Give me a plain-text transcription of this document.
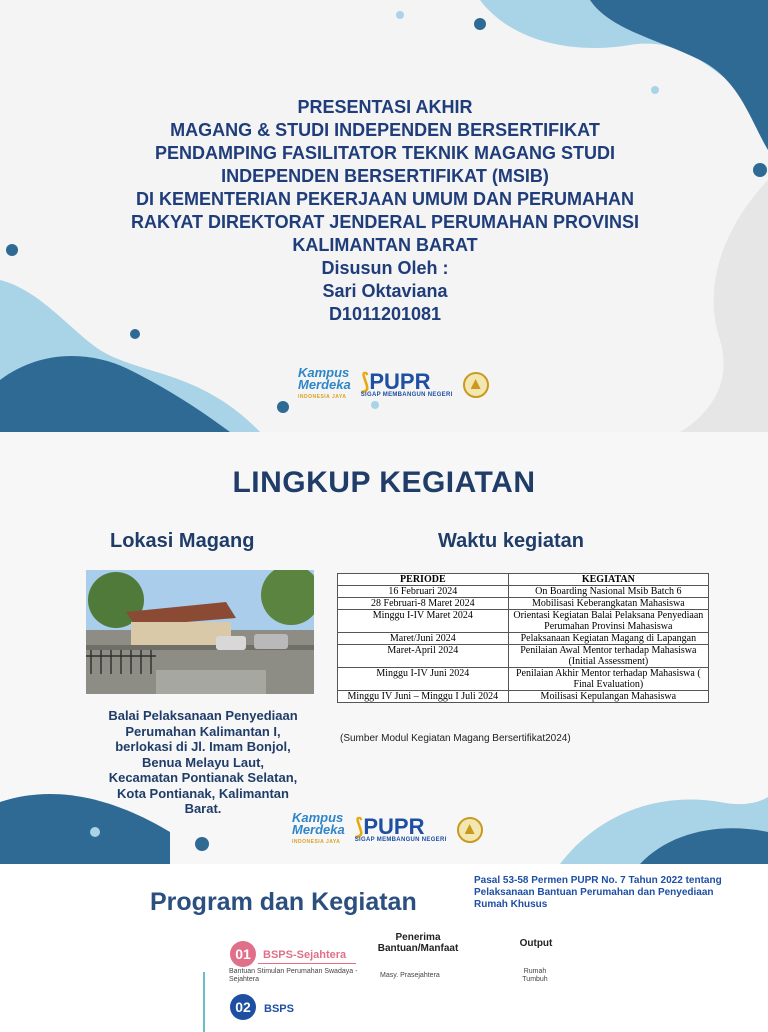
PRESENTASI AKHIR
MAGANG & STUDI INDEPENDEN BERSERTIFIKAT
PENDAMPING FASILITATOR TEKNIK MAGANG STUDI
INDEPENDEN BERSERTIFIKAT (MSIB)
DI KEMENTERIAN PEKERJAAN UMUM DAN PERUMAHAN
RAKYAT DIREKTORAT JENDERAL PERUMAHAN PROVINSI
KALIMANTAN BARAT
Disusun Oleh :
Sari Oktaviana
D1011201081
Kampus
Merdeka
INDONESIA JAYA
⟆PUPR
SIGAP MEMBANGUN NEGERI
LINGKUP KEGIATAN
Lokasi Magang	Waktu kegiatan
Balai Pelaksanaan Penyediaan Perumahan Kalimantan I, berlokasi di Jl. Imam Bonjol, Benua Melayu Laut, Kecamatan Pontianak Selatan, Kota Pontianak, Kalimantan Barat.
PERIODE	KEGIATAN
16 Februari 2024	On Boarding Nasional Msib Batch 6
28 Februari-8 Maret 2024	Mobilisasi Keberangkatan Mahasiswa
Minggu I-IV Maret 2024	Orientasi Kegiatan Balai Pelaksana Penyediaan Perumahan Provinsi Mahasiswa
Maret/Juni 2024	Pelaksanaan Kegiatan Magang di Lapangan
Maret-April 2024	Penilaian Awal Mentor terhadap Mahasiswa (Initial Assessment)
Minggu I-IV Juni 2024	Penilaian Akhir Mentor terhadap Mahasiswa ( Final Evaluation)
Minggu IV Juni – Minggu I Juli 2024	Moilisasi Kepulangan Mahasiswa
(Sumber Modul Kegiatan Magang Bersertifikat2024)
Kampus
Merdeka
INDONESIA JAYA
⟆PUPR
SIGAP MEMBANGUN NEGERI
Program dan Kegiatan
Pasal 53-58 Permen PUPR No. 7 Tahun 2022 tentang Pelaksanaan Bantuan Perumahan dan Penyediaan Rumah Khusus
Penerima Bantuan/Manfaat	Output
01	BSPS-Sejahtera
Bantuan Stimulan Perumahan Swadaya - Sejahtera
Masy. Prasejahtera
Rumah Tumbuh
02	BSPS
